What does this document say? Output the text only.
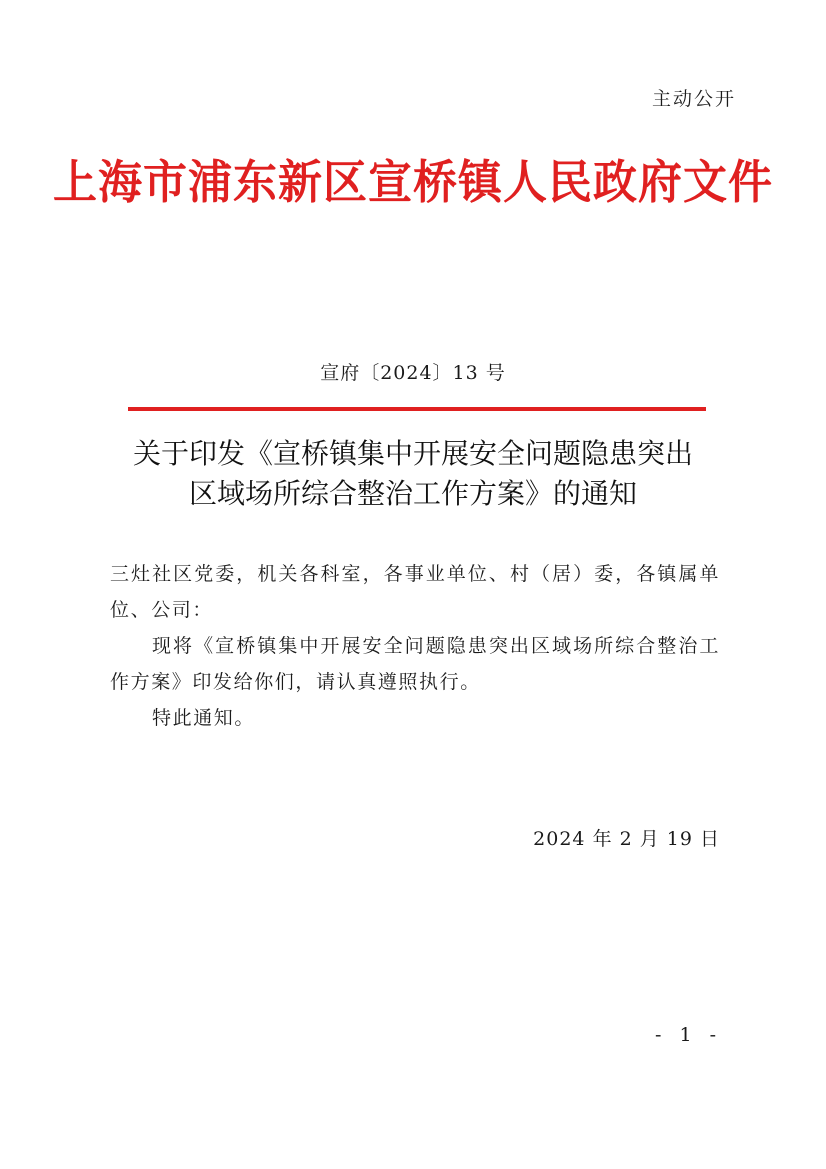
主动公开
上海市浦东新区宣桥镇人民政府文件
宣府〔2024〕13 号
关于印发《宣桥镇集中开展安全问题隐患突出
区域场所综合整治工作方案》的通知
三灶社区党委，机关各科室，各事业单位、村（居）委，各镇属单位、公司：
现将《宣桥镇集中开展安全问题隐患突出区域场所综合整治工作方案》印发给你们，请认真遵照执行。
特此通知。
2024 年 2 月 19 日
- 1 -
